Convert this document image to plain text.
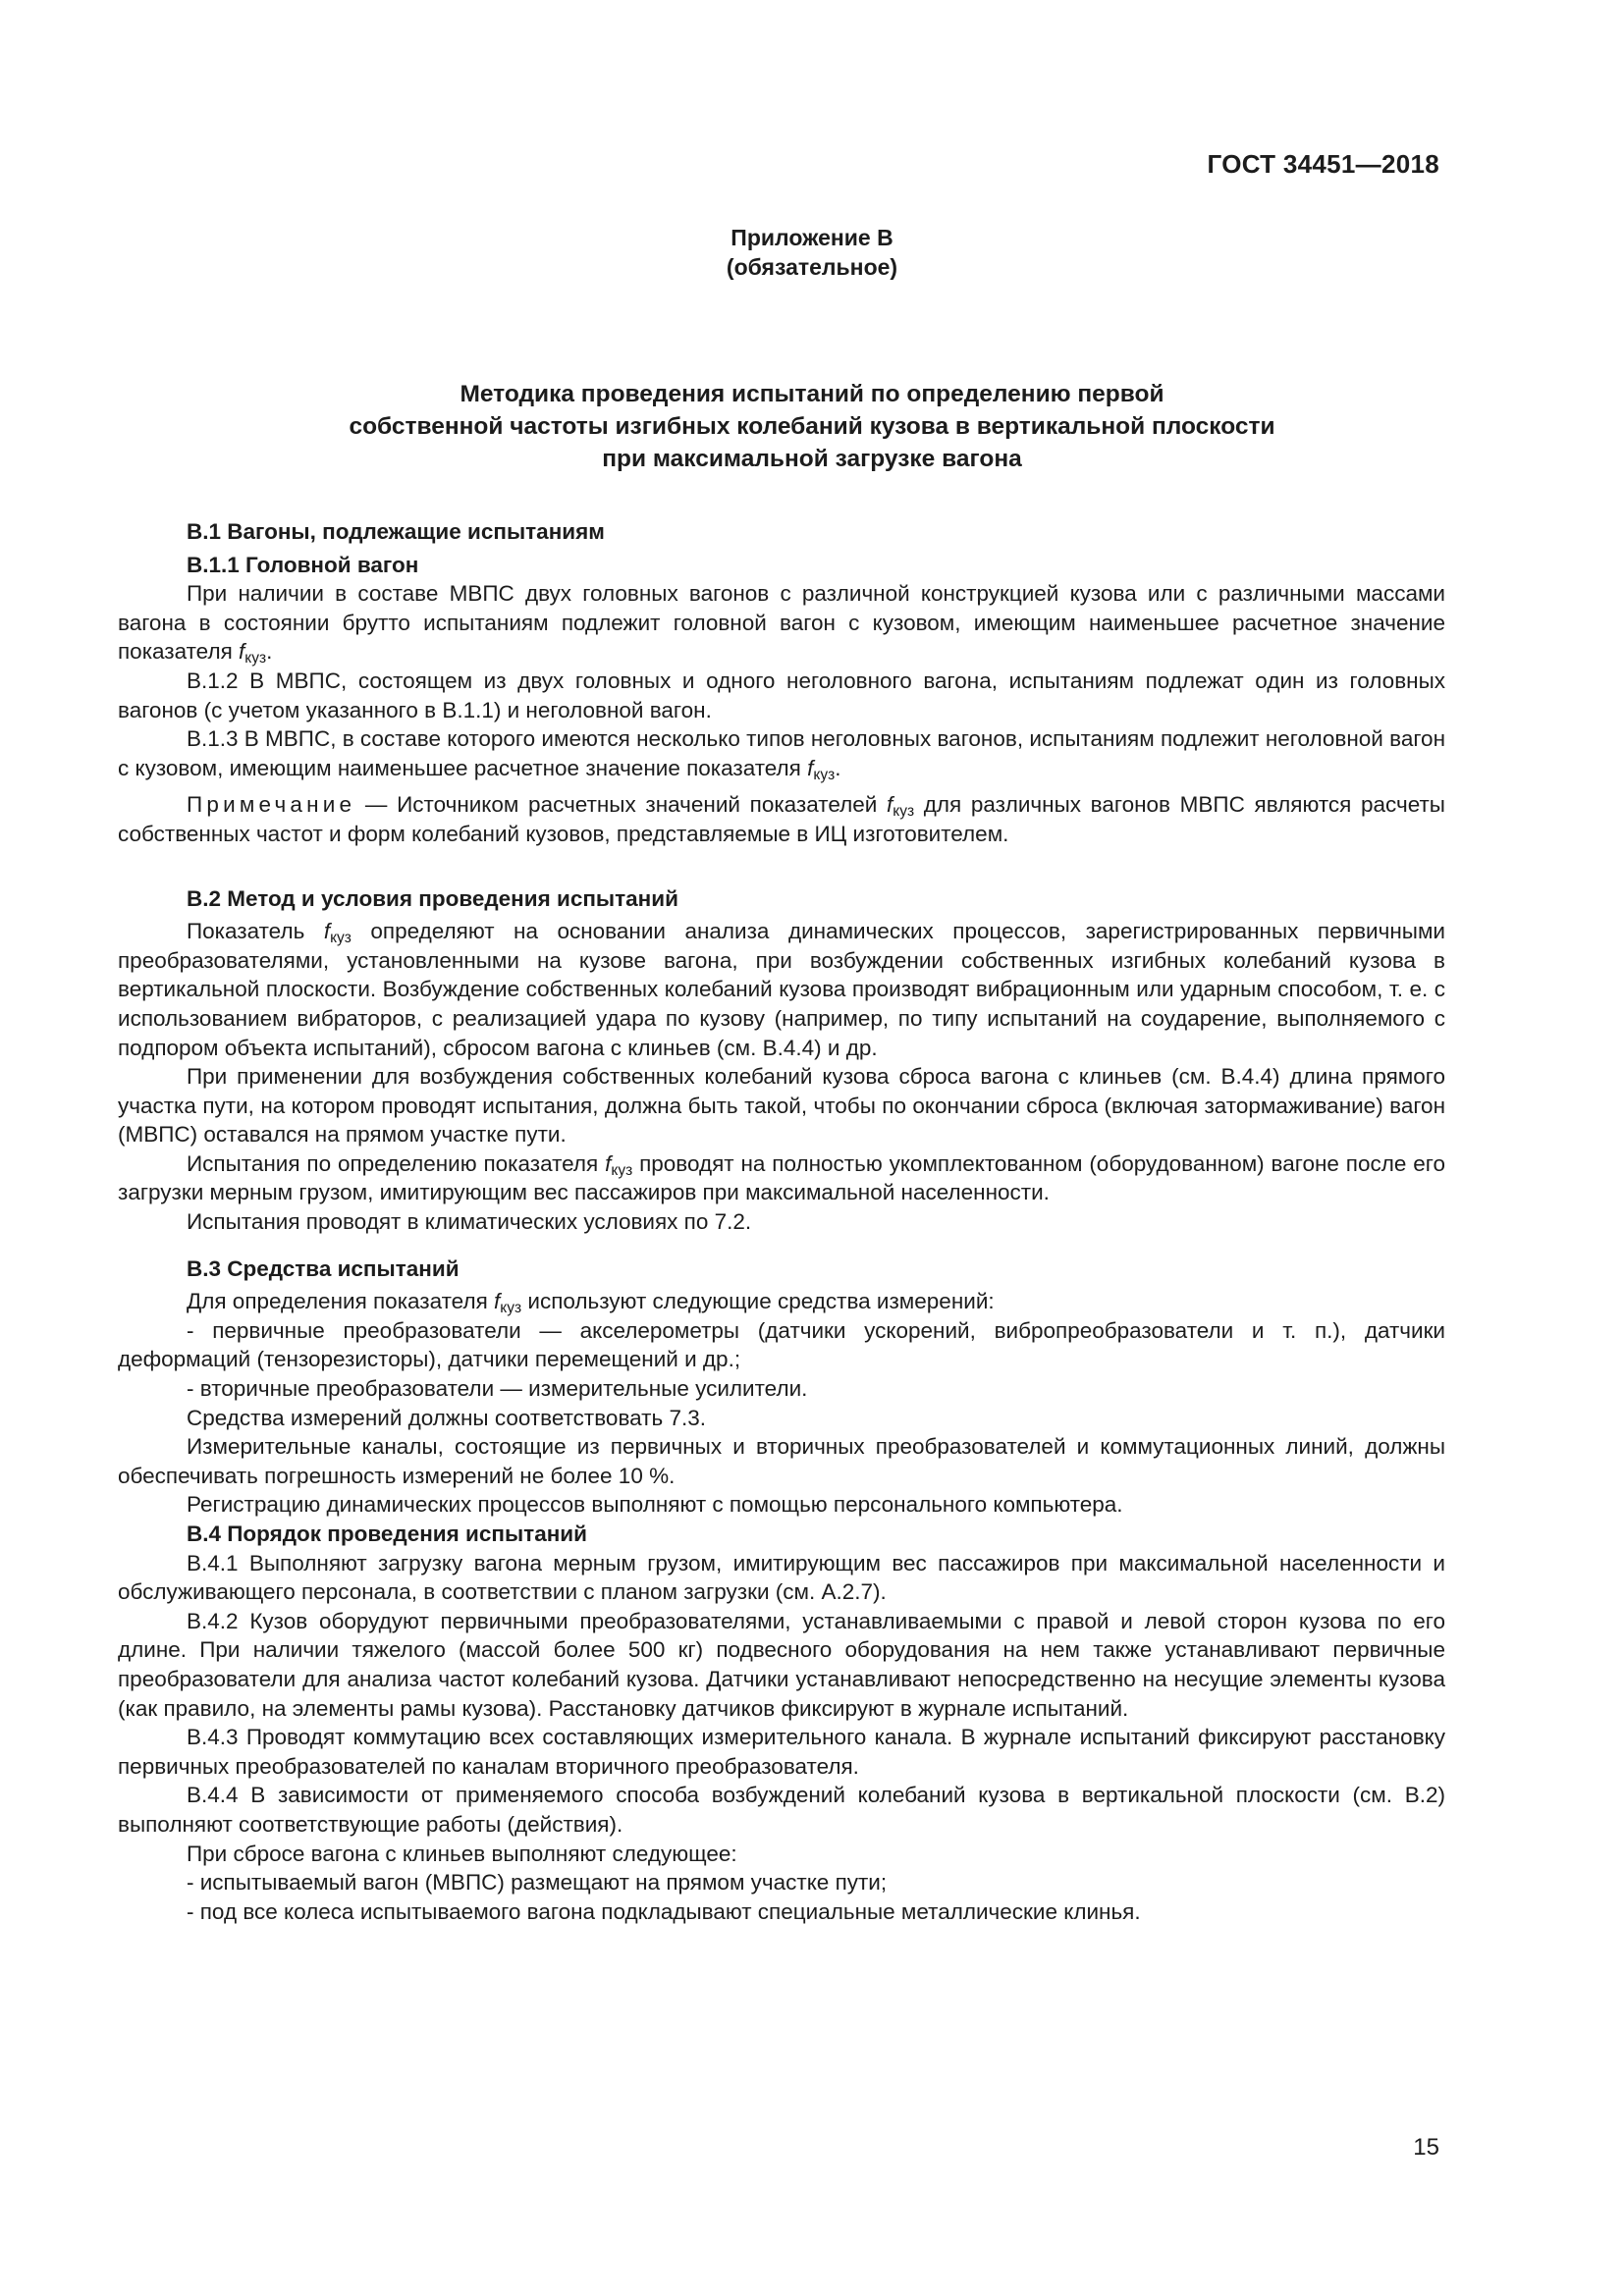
ГОСТ 34451—2018
Приложение В
(обязательное)
Методика проведения испытаний по определению первой
собственной частоты изгибных колебаний кузова в вертикальной плоскости
при максимальной загрузке вагона

В.1 Вагоны, подлежащие испытаниям

В.1.1 Головной вагон

При наличии в составе МВПС двух головных вагонов с различной конструкцией кузова или с различными массами вагона в состоянии брутто испытаниям подлежит головной вагон с кузовом, имеющим наименьшее расчетное значение показателя $f_{куз}$.

В.1.2 В МВПС, состоящем из двух головных и одного неголовного вагона, испытаниям подлежат один из головных вагонов (с учетом указанного в В.1.1) и неголовной вагон.

В.1.3 В МВПС, в составе которого имеются несколько типов неголовных вагонов, испытаниям подлежит неголовной вагон с кузовом, имеющим наименьшее расчетное значение показателя $f_{куз}$.

Примечание — Источником расчетных значений показателей $f_{куз}$ для различных вагонов МВПС являются расчеты собственных частот и форм колебаний кузовов, представляемые в ИЦ изготовителем.

В.2 Метод и условия проведения испытаний

Показатель $f_{куз}$ определяют на основании анализа динамических процессов, зарегистрированных первичными преобразователями, установленными на кузове вагона, при возбуждении собственных изгибных колебаний кузова в вертикальной плоскости. Возбуждение собственных колебаний кузова производят вибрационным или ударным способом, т. е. с использованием вибраторов, с реализацией удара по кузову (например, по типу испытаний на соударение, выполняемого с подпором объекта испытаний), сбросом вагона с клиньев (см. В.4.4) и др.

При применении для возбуждения собственных колебаний кузова сброса вагона с клиньев (см. В.4.4) длина прямого участка пути, на котором проводят испытания, должна быть такой, чтобы по окончании сброса (включая затормаживание) вагон (МВПС) оставался на прямом участке пути.

Испытания по определению показателя $f_{куз}$ проводят на полностью укомплектованном (оборудованном) вагоне после его загрузки мерным грузом, имитирующим вес пассажиров при максимальной населенности.

Испытания проводят в климатических условиях по 7.2.

В.3 Средства испытаний

Для определения показателя $f_{куз}$ используют следующие средства измерений:

- первичные преобразователи — акселерометры (датчики ускорений, вибропреобразователи и т. п.), датчики деформаций (тензорезисторы), датчики перемещений и др.;

- вторичные преобразователи — измерительные усилители.

Средства измерений должны соответствовать 7.3.

Измерительные каналы, состоящие из первичных и вторичных преобразователей и коммутационных линий, должны обеспечивать погрешность измерений не более 10 %.

Регистрацию динамических процессов выполняют с помощью персонального компьютера.

В.4 Порядок проведения испытаний

В.4.1 Выполняют загрузку вагона мерным грузом, имитирующим вес пассажиров при максимальной населенности и обслуживающего персонала, в соответствии с планом загрузки (см. А.2.7).

В.4.2 Кузов оборудуют первичными преобразователями, устанавливаемыми с правой и левой сторон кузова по его длине. При наличии тяжелого (массой более 500 кг) подвесного оборудования на нем также устанавливают первичные преобразователи для анализа частот колебаний кузова. Датчики устанавливают непосредственно на несущие элементы кузова (как правило, на элементы рамы кузова). Расстановку датчиков фиксируют в журнале испытаний.

В.4.3 Проводят коммутацию всех составляющих измерительного канала. В журнале испытаний фиксируют расстановку первичных преобразователей по каналам вторичного преобразователя.

В.4.4 В зависимости от применяемого способа возбуждений колебаний кузова в вертикальной плоскости (см. В.2) выполняют соответствующие работы (действия).

При сбросе вагона с клиньев выполняют следующее:

- испытываемый вагон (МВПС) размещают на прямом участке пути;

- под все колеса испытываемого вагона подкладывают специальные металлические клинья.

15
